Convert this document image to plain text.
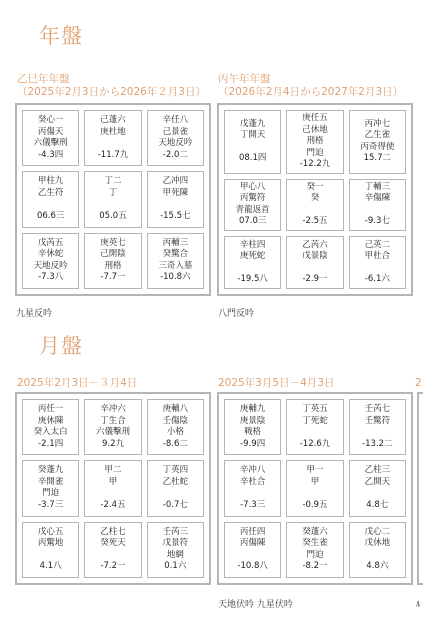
年盤
乙巳年年盤
（2025年2月3日から2026年２月3日）
癸心一
丙傷天
六儀擊刑
-4.3四
己蓬六
庚杜地
-11.7九
辛任八
己景雀
天地反吟
-2.0二
甲柱九
乙生符
06.6三
丁二
丁
05.0五
乙冲四
甲死陳
-15.5七
戊芮五
辛休蛇
天地反吟
-7.3八
庚英七
己開陰
刑格
-7.7一
丙輔三
癸驚合
三奇入墓
-10.8六
九星反吟
丙午年年盤
（2026年2月4日から2027年2月3日）
戊蓬九
丁開天
08.1四
庚任五
己休地
刑格
門迫
-12.2九
丙冲七
乙生雀
丙奇得使
15.7二
甲心八
丙驚符
青龍返首
07.0三
癸一
癸
-2.5五
丁輔三
辛傷陳
-9.3七
辛柱四
庚死蛇
-19.5八
乙芮六
戊景陰
-2.9一
己英二
甲杜合
-6.1六
八門反吟
月盤
2025年2月3日－３月4日
丙任一
庚休陳
癸入太白
-2.1四
辛冲六
丁生合
六儀擊刑
9.2九
庚輔八
壬傷陰
小格
-8.6二
癸蓬九
辛開雀
門迫
-3.7三
甲二
甲
-2.4五
丁英四
乙杜蛇
-0.7七
戊心五
丙驚地
4.1八
乙柱七
癸死天
-7.2一
壬芮三
戊景符
地網
0.1六
2025年3月5日－4月3日
庚輔九
庚景陰
戦格
-9.9四
丁英五
丁死蛇
-12.6九
壬芮七
壬驚符
-13.2二
辛冲八
辛杜合
-7.3三
甲一
甲
-0.9五
乙柱三
乙開天
4.8七
丙任四
丙傷陳
-10.8八
癸蓬六
癸生雀
門迫
-8.2一
戊心二
戊休地
4.8六
天地伏吟 九星伏吟
2
ﾙ
